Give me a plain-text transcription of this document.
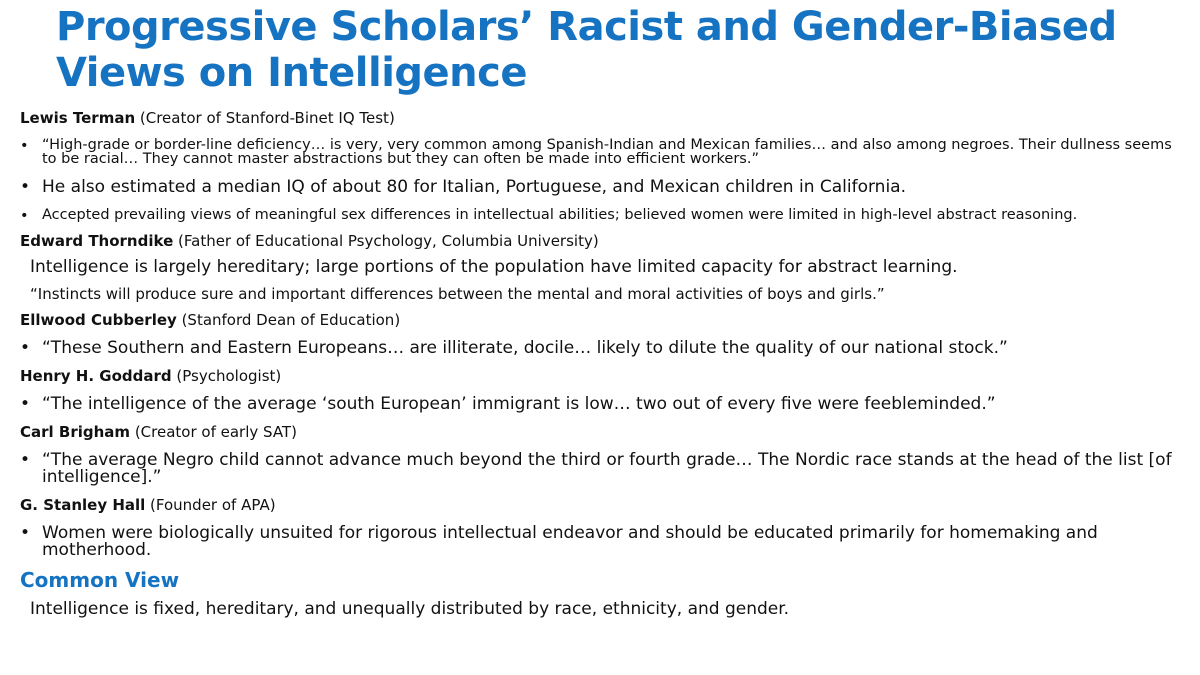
Progressive Scholars’ Racist and Gender-Biased Views on Intelligence

Lewis Terman (Creator of Stanford-Binet IQ Test)

• “High-grade or border-line deficiency… is very, very common among Spanish-Indian and Mexican families… and also among negroes. Their dullness seems to be racial… They cannot master abstractions but they can often be made into efficient workers.”

• He also estimated a median IQ of about 80 for Italian, Portuguese, and Mexican children in California.

• Accepted prevailing views of meaningful sex differences in intellectual abilities; believed women were limited in high-level abstract reasoning.

Edward Thorndike (Father of Educational Psychology, Columbia University)

Intelligence is largely hereditary; large portions of the population have limited capacity for abstract learning.

“Instincts will produce sure and important differences between the mental and moral activities of boys and girls.”

Ellwood Cubberley (Stanford Dean of Education)

• “These Southern and Eastern Europeans… are illiterate, docile… likely to dilute the quality of our national stock.”

Henry H. Goddard (Psychologist)

• “The intelligence of the average ‘south European’ immigrant is low… two out of every five were feebleminded.”

Carl Brigham (Creator of early SAT)

• “The average Negro child cannot advance much beyond the third or fourth grade… The Nordic race stands at the head of the list [of intelligence].”

G. Stanley Hall (Founder of APA)

• Women were biologically unsuited for rigorous intellectual endeavor and should be educated primarily for homemaking and motherhood.

Common View

Intelligence is fixed, hereditary, and unequally distributed by race, ethnicity, and gender.
